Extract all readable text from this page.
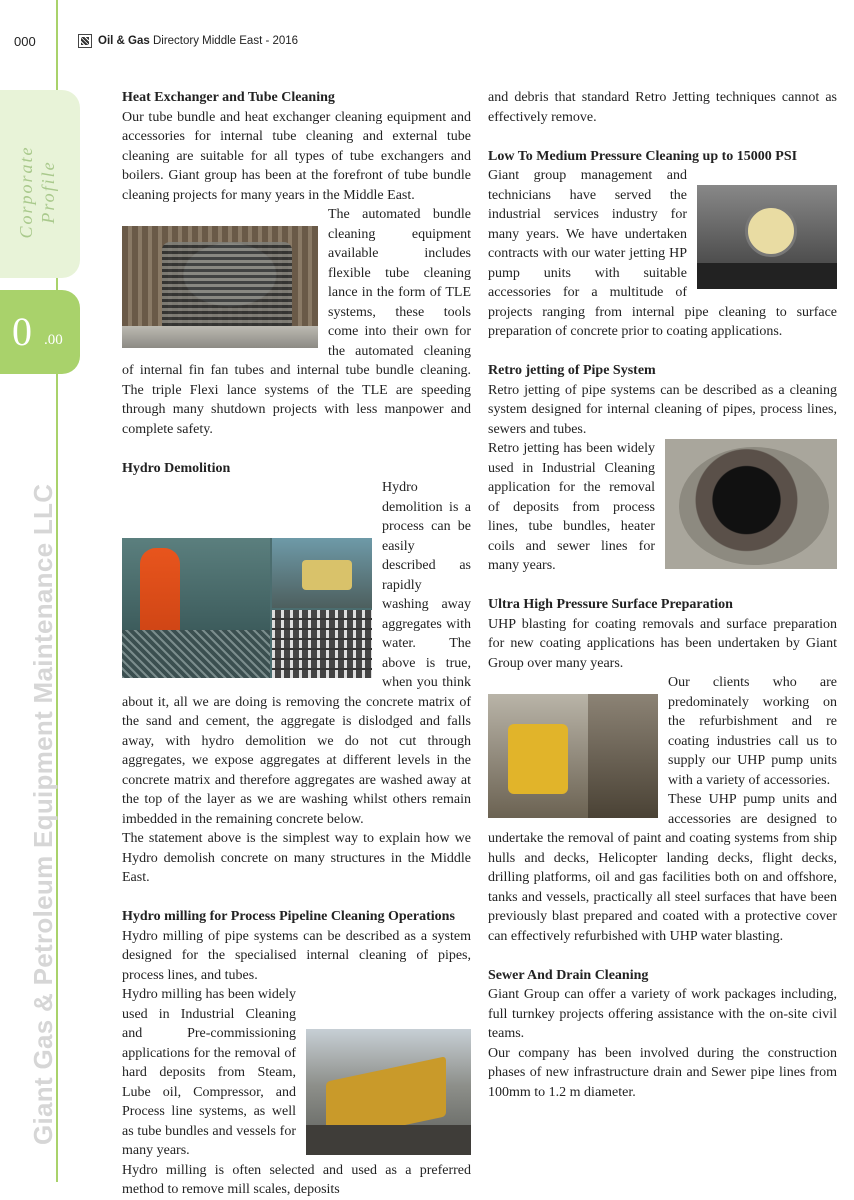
000	Oil & Gas Directory Middle East - 2016
Corporate Profile
0 .00
Giant Gas & Petroleum Equipment Maintenance LLC
Heat Exchanger and Tube Cleaning

Our tube bundle and heat exchanger cleaning equipment and accessories for internal tube cleaning and external tube cleaning are suitable for all types of tube exchangers and boilers. Giant group has been at the forefront of tube bundle cleaning projects for many years in the Middle East.

The automated bundle cleaning equipment available includes flexible tube cleaning lance in the form of TLE systems, these tools come into their own for the automated cleaning of internal fin fan tubes and internal tube bundle cleaning. The triple Flexi lance systems of the TLE are speeding through many shutdown projects with less manpower and complete safety.

Hydro Demolition

Hydro demolition is a process can be easily described as rapidly washing away aggregates with water. The above is true, when you think about it, all we are doing is removing the concrete matrix of the sand and cement, the aggregate is dislodged and falls away, with hydro demolition we do not cut through aggregates, we expose aggregates at different levels in the concrete matrix and therefore aggregates are washed away at the top of the layer as we are washing whilst others remain imbedded in the remaining concrete below.

The statement above is the simplest way to explain how we Hydro demolish concrete on many structures in the Middle East.

Hydro milling for Process Pipeline Cleaning Operations

Hydro milling of pipe systems can be described as a system designed for the specialised internal cleaning of pipes, process lines, and tubes.

Hydro milling has been widely used in Industrial Cleaning and Pre-commissioning applications for the removal of hard deposits from Steam, Lube oil, Compressor, and Process line systems, as well as tube bundles and vessels for many years.

Hydro milling is often selected and used as a preferred method to remove mill scales, deposits

and debris that standard Retro Jetting techniques cannot as effectively remove.

Low To Medium Pressure Cleaning up to 15000 PSI

Giant group management and technicians have served the industrial services industry for many years. We have undertaken contracts with our water jetting HP pump units with suitable accessories for a multitude of projects ranging from internal pipe cleaning to surface preparation of concrete prior to coating applications.

Retro jetting of Pipe System

Retro jetting of pipe systems can be described as a cleaning system designed for internal cleaning of pipes, process lines, sewers and tubes.

Retro jetting has been widely used in Industrial Cleaning application for the removal of deposits from process lines, tube bundles, heater coils and sewer lines for many years.

Ultra High Pressure Surface Preparation

UHP blasting for coating removals and surface preparation for new coating applications has been undertaken by Giant Group over many years.

Our clients who are predominately working on the refurbishment and re coating industries call us to supply our UHP pump units with a variety of accessories.

These UHP pump units and accessories are designed to undertake the removal of paint and coating systems from ship hulls and decks, Helicopter landing decks, flight decks, drilling platforms, oil and gas facilities both on and offshore, tanks and vessels, practically all steel surfaces that have been previously blast prepared and coated with a protective cover can effectively refurbished with UHP water blasting.

Sewer And Drain Cleaning

Giant Group can offer a variety of work packages including, full turnkey projects offering assistance with the on-site civil teams.

Our company has been involved during the construction phases of new infrastructure drain and Sewer pipe lines from 100mm to 1.2 m diameter.
